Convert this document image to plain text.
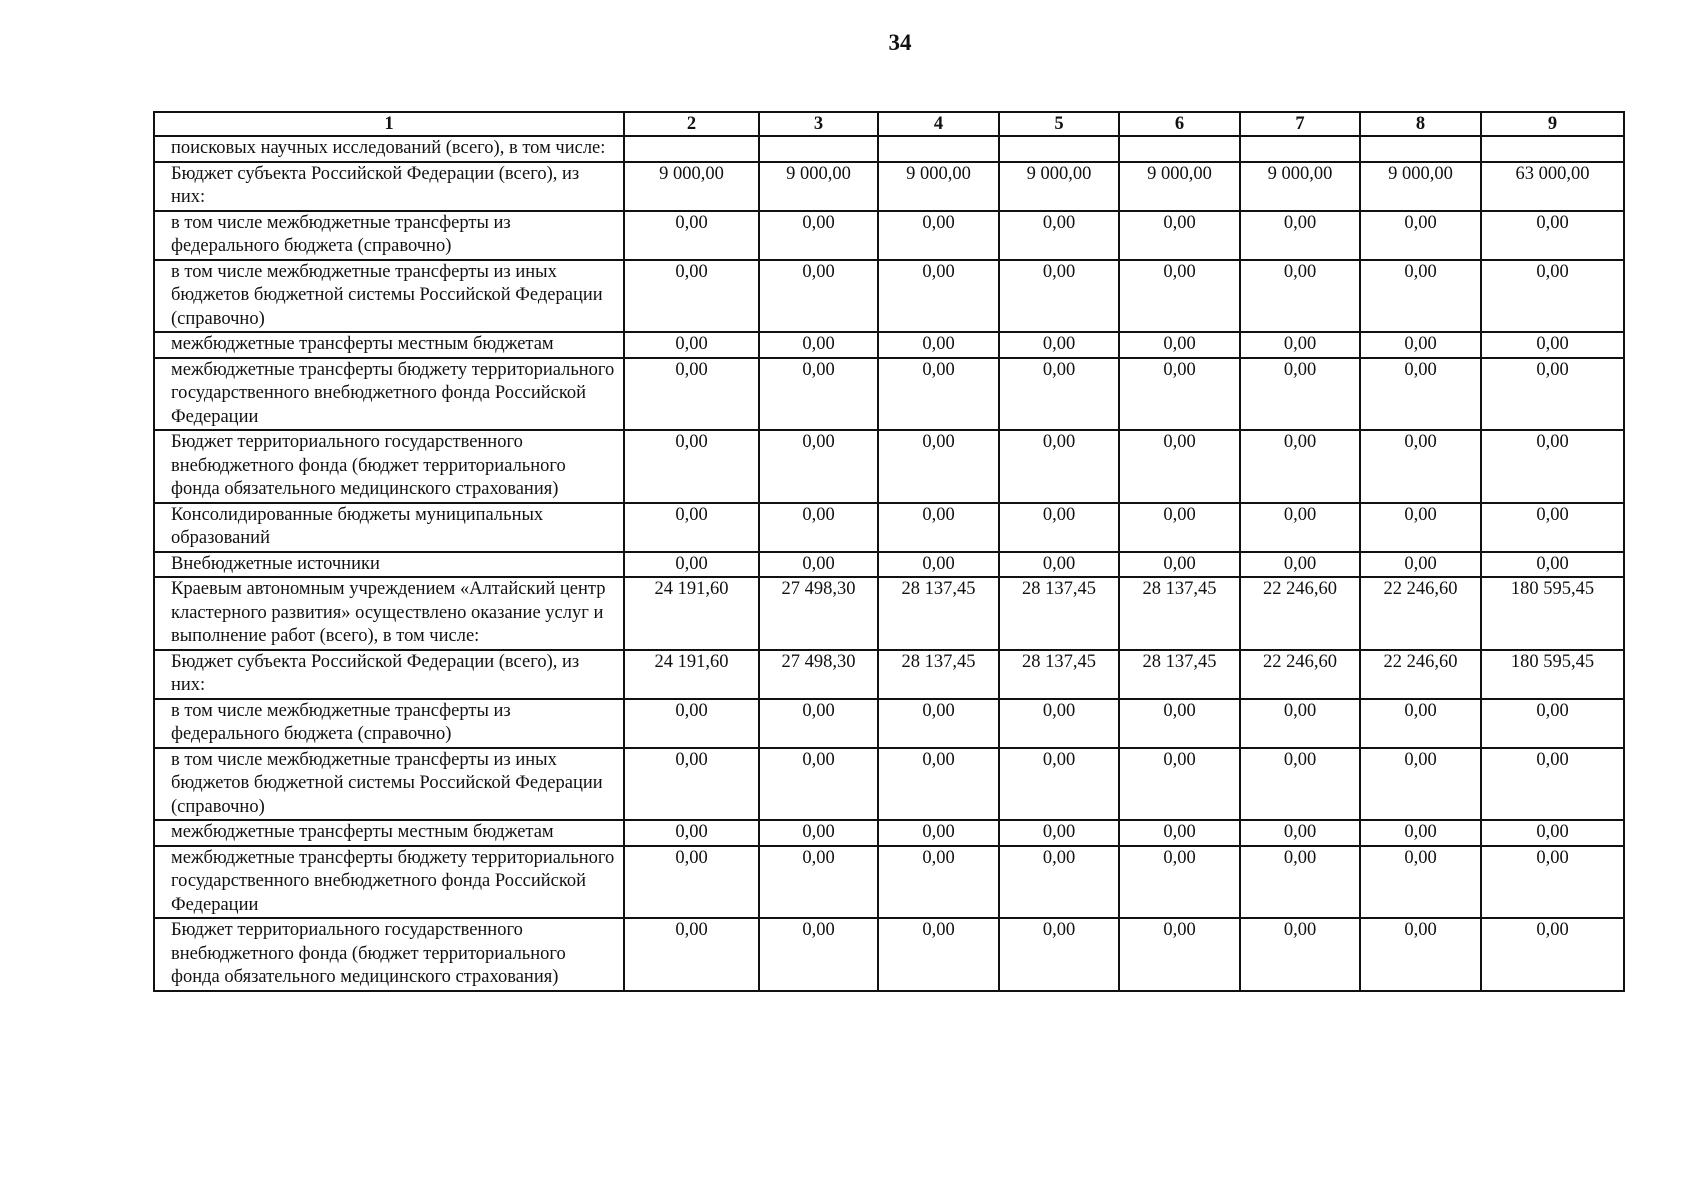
34
1	2	3	4	5	6	7	8	9
поисковых научных исследований (всего), в том числе:								
Бюджет субъекта Российской Федерации (всего), из них:	9 000,00	9 000,00	9 000,00	9 000,00	9 000,00	9 000,00	9 000,00	63 000,00
в том числе межбюджетные трансферты из федерального бюджета (справочно)	0,00	0,00	0,00	0,00	0,00	0,00	0,00	0,00
в том числе межбюджетные трансферты из иных бюджетов бюджетной системы Российской Федерации (справочно)	0,00	0,00	0,00	0,00	0,00	0,00	0,00	0,00
межбюджетные трансферты местным бюджетам	0,00	0,00	0,00	0,00	0,00	0,00	0,00	0,00
межбюджетные трансферты бюджету территориального государственного внебюджетного фонда Российской Федерации	0,00	0,00	0,00	0,00	0,00	0,00	0,00	0,00
Бюджет территориального государственного внебюджетного фонда (бюджет территориального фонда обязательного медицинского страхования)	0,00	0,00	0,00	0,00	0,00	0,00	0,00	0,00
Консолидированные бюджеты муниципальных образований	0,00	0,00	0,00	0,00	0,00	0,00	0,00	0,00
Внебюджетные источники	0,00	0,00	0,00	0,00	0,00	0,00	0,00	0,00
Краевым автономным учреждением «Алтайский центр кластерного развития» осуществлено оказание услуг и выполнение работ (всего), в том числе:	24 191,60	27 498,30	28 137,45	28 137,45	28 137,45	22 246,60	22 246,60	180 595,45
Бюджет субъекта Российской Федерации (всего), из них:	24 191,60	27 498,30	28 137,45	28 137,45	28 137,45	22 246,60	22 246,60	180 595,45
в том числе межбюджетные трансферты из федерального бюджета (справочно)	0,00	0,00	0,00	0,00	0,00	0,00	0,00	0,00
в том числе межбюджетные трансферты из иных бюджетов бюджетной системы Российской Федерации (справочно)	0,00	0,00	0,00	0,00	0,00	0,00	0,00	0,00
межбюджетные трансферты местным бюджетам	0,00	0,00	0,00	0,00	0,00	0,00	0,00	0,00
межбюджетные трансферты бюджету территориального государственного внебюджетного фонда Российской Федерации	0,00	0,00	0,00	0,00	0,00	0,00	0,00	0,00
Бюджет территориального государственного внебюджетного фонда (бюджет территориального фонда обязательного медицинского страхования)	0,00	0,00	0,00	0,00	0,00	0,00	0,00	0,00
